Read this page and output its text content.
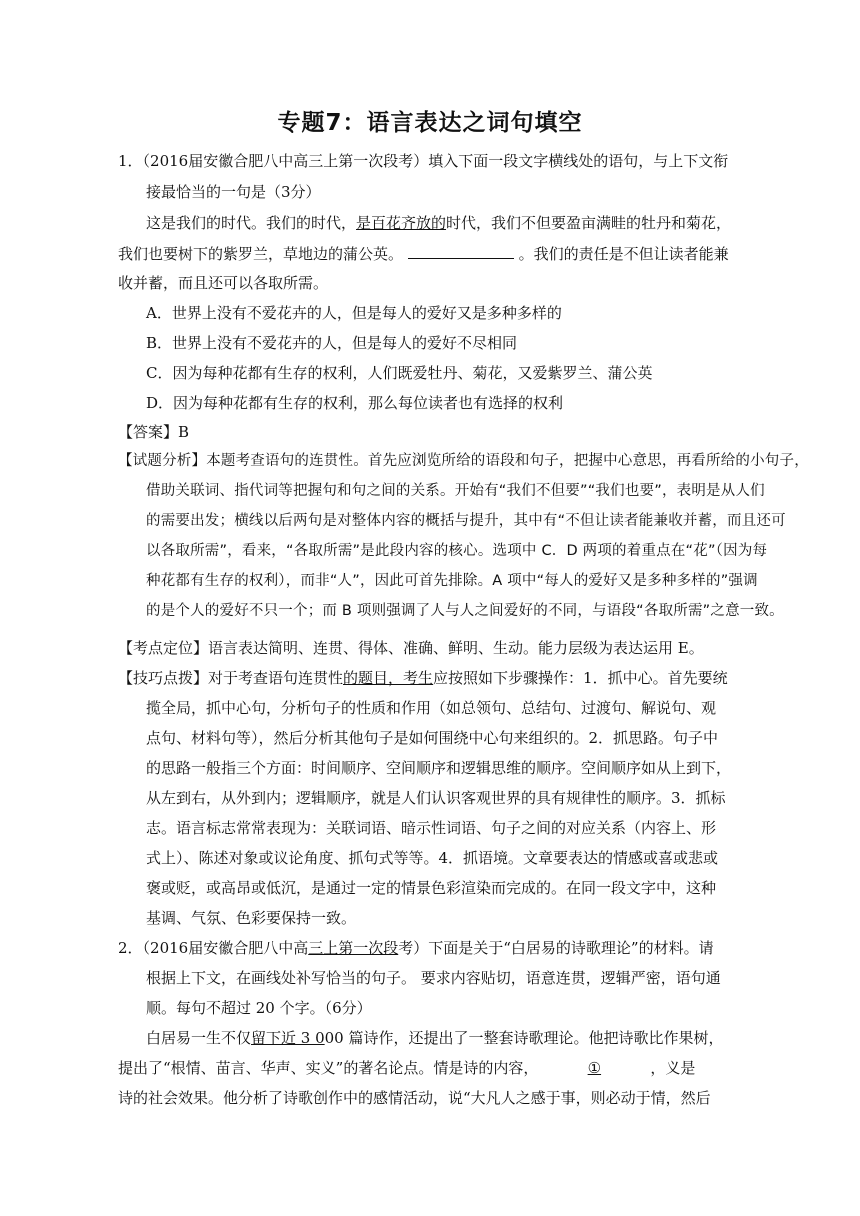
专题7：语言表达之词句填空
1．（2016届安徽合肥八中高三上第一次段考）填入下面一段文字横线处的语句，与上下文衔
接最恰当的一句是（3分）
这是我们的时代。我们的时代，是百花齐放的时代，我们不但要盈亩满畦的牡丹和菊花，
我们也要树下的紫罗兰，草地边的蒲公英。	。我们的责任是不但让读者能兼
收并蓄，而且还可以各取所需。
A．世界上没有不爱花卉的人，但是每人的爱好又是多种多样的
B．世界上没有不爱花卉的人，但是每人的爱好不尽相同
C．因为每种花都有生存的权利，人们既爱牡丹、菊花，又爱紫罗兰、蒲公英
D．因为每种花都有生存的权利，那么每位读者也有选择的权利
【答案】B
【试题分析】本题考查语句的连贯性。首先应浏览所给的语段和句子，把握中心意思，再看所给的小句子，
借助关联词、指代词等把握句和句之间的关系。开始有“我们不但要”“我们也要”，表明是从人们
的需要出发；横线以后两句是对整体内容的概括与提升，其中有“不但让读者能兼收并蓄，而且还可
以各取所需”，看来，“各取所需”是此段内容的核心。选项中 C．D 两项的着重点在“花”（因为每
种花都有生存的权利），而非“人”，因此可首先排除。A 项中“每人的爱好又是多种多样的”强调
的是个人的爱好不只一个；而 B 项则强调了人与人之间爱好的不同，与语段“各取所需”之意一致。
【考点定位】语言表达简明、连贯、得体、准确、鲜明、生动。能力层级为表达运用 E。
【技巧点拨】对于考查语句连贯性的题目，考生应按照如下步骤操作：1．抓中心。首先要统
揽全局，抓中心句，分析句子的性质和作用（如总领句、总结句、过渡句、解说句、观
点句、材料句等），然后分析其他句子是如何围绕中心句来组织的。2．抓思路。句子中
的思路一般指三个方面：时间顺序、空间顺序和逻辑思维的顺序。空间顺序如从上到下，
从左到右，从外到内；逻辑顺序，就是人们认识客观世界的具有规律性的顺序。3．抓标
志。语言标志常常表现为：关联词语、暗示性词语、句子之间的对应关系（内容上、形
式上）、陈述对象或议论角度、抓句式等等。4．抓语境。文章要表达的情感或喜或悲或
褒或贬，或高昂或低沉，是通过一定的情景色彩渲染而完成的。在同一段文字中，这种
基调、气氛、色彩要保持一致。
2．（2016届安徽合肥八中高三上第一次段考）下面是关于“白居易的诗歌理论”的材料。请
根据上下文，在画线处补写恰当的句子。 要求内容贴切，语意连贯，逻辑严密，语句通
顺。每句不超过 20 个字。（6分）
白居易一生不仅留下近 3 000 篇诗作，还提出了一整套诗歌理论。他把诗歌比作果树，
提出了“根情、苗言、华声、实义”的著名论点。情是诗的内容，	①	，义是
诗的社会效果。他分析了诗歌创作中的感情活动，说“大凡人之感于事，则必动于情，然后
